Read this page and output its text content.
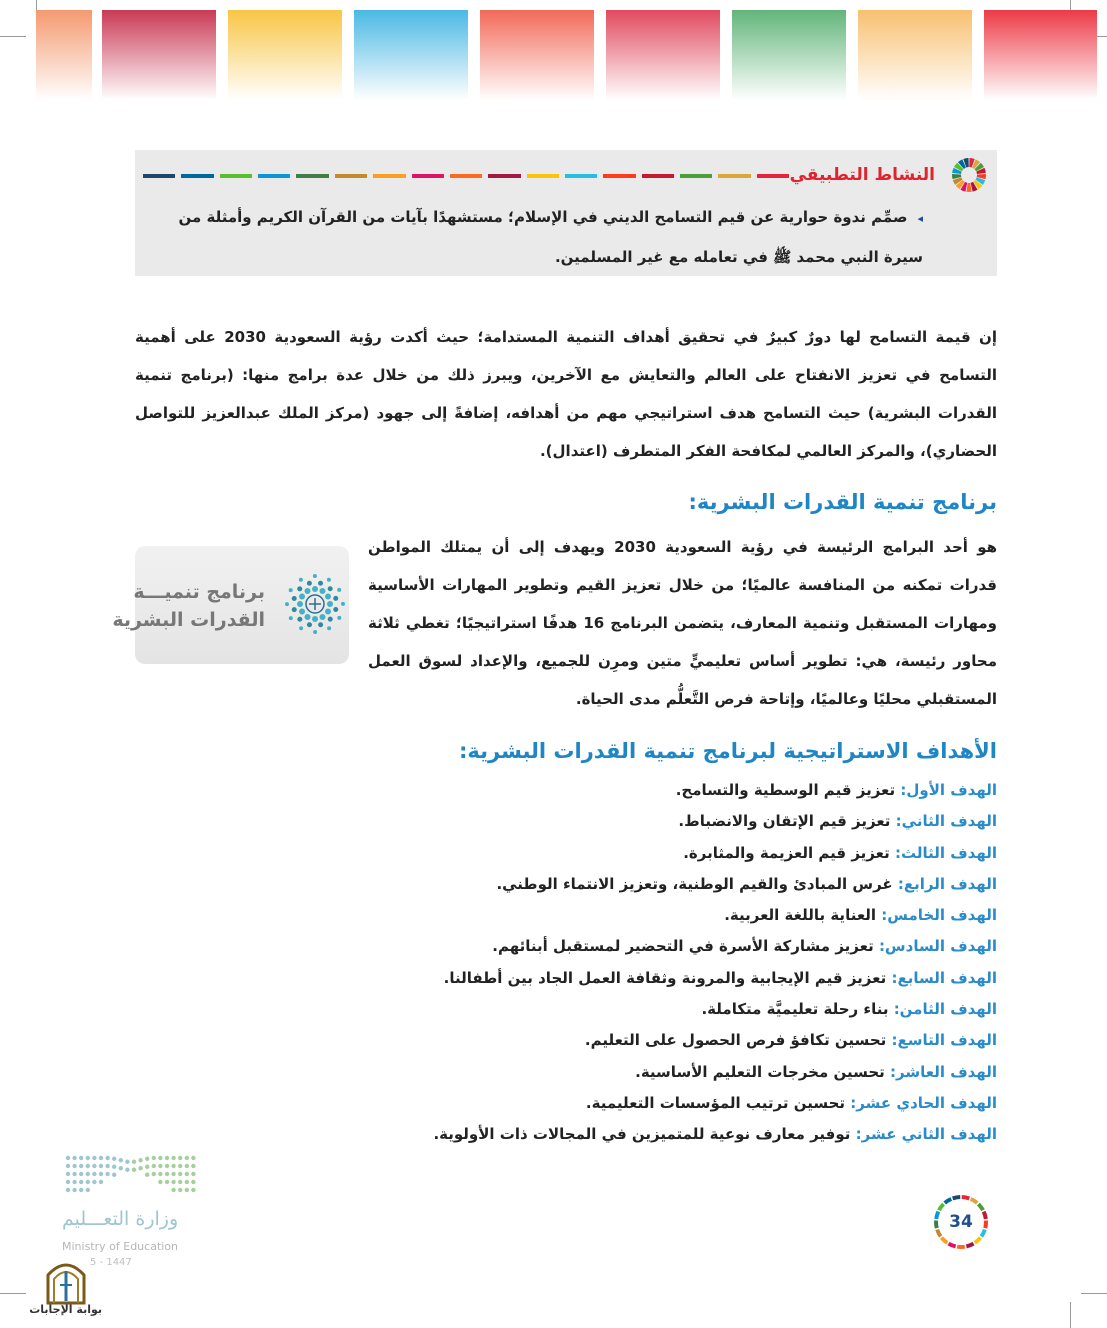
النشاط التطبيقي
◂صمِّم ندوة حوارية عن قيم التسامح الديني في الإسلام؛ مستشهدًا بآيات من القرآن الكريم وأمثلة من سيرة النبي محمد ﷺ في تعامله مع غير المسلمين.
إن قيمة التسامح لها دورٌ كبيرٌ في تحقيق أهداف التنمية المستدامة؛ حيث أكدت رؤية السعودية 2030 على أهمية التسامح في تعزيز الانفتاح على العالم والتعايش مع الآخرين، ويبرز ذلك من خلال عدة برامج منها: (برنامج تنمية القدرات البشرية) حيث التسامح هدف استراتيجي مهم من أهدافه، إضافةً إلى جهود (مركز الملك عبدالعزيز للتواصل الحضاري)، والمركز العالمي لمكافحة الفكر المتطرف (اعتدال).
برنامج تنمية القدرات البشرية:
هو أحد البرامج الرئيسة في رؤية السعودية 2030 ويهدف إلى أن يمتلك المواطن قدرات تمكنه من المنافسة عالميًا؛ من خلال تعزيز القيم وتطوير المهارات الأساسية ومهارات المستقبل وتنمية المعارف، يتضمن البرنامج 16 هدفًا استراتيجيًا؛ تغطي ثلاثة محاور رئيسة، هي: تطوير أساس تعليميٍّ متين ومرِن للجميع، والإعداد لسوق العمل المستقبلي محليًا وعالميًا، وإتاحة فرص التَّعلُّم مدى الحياة.
برنامج تنميـــة
القدرات البشرية
الأهداف الاستراتيجية لبرنامج تنمية القدرات البشرية:
الهدف الأول: تعزيز قيم الوسطية والتسامح.
الهدف الثاني: تعزيز قيم الإتقان والانضباط.
الهدف الثالث: تعزيز قيم العزيمة والمثابرة.
الهدف الرابع: غرس المبادئ والقيم الوطنية، وتعزيز الانتماء الوطني.
الهدف الخامس: العناية باللغة العربية.
الهدف السادس: تعزيز مشاركة الأسرة في التحضير لمستقبل أبنائهم.
الهدف السابع: تعزيز قيم الإيجابية والمرونة وثقافة العمل الجاد بين أطفالنا.
الهدف الثامن: بناء رحلة تعليميَّة متكاملة.
الهدف التاسع: تحسين تكافؤ فرص الحصول على التعليم.
الهدف العاشر: تحسين مخرجات التعليم الأساسية.
الهدف الحادي عشر: تحسين ترتيب المؤسسات التعليمية.
الهدف الثاني عشر: توفير معارف نوعية للمتميزين في المجالات ذات الأولوية.
وزارة التعـــليم
Ministry of Education
5 - 1447
بوابة الإجابات
34
